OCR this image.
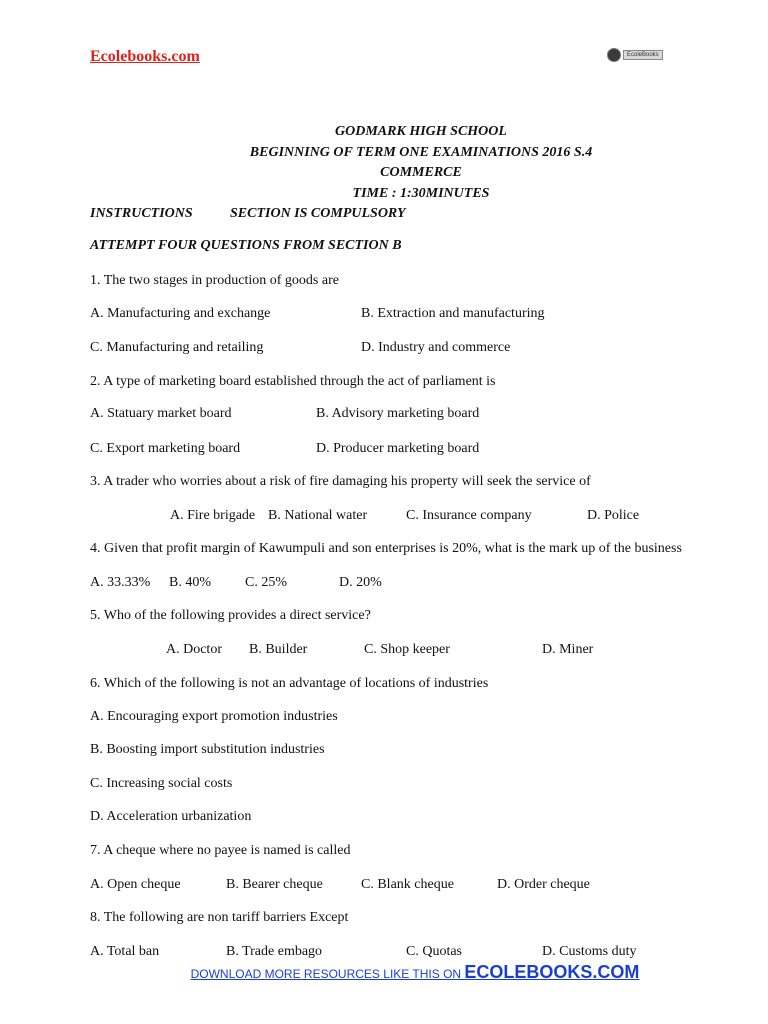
Ecolebooks.com	EcoleBooks
GODMARK HIGH SCHOOL
BEGINNING OF TERM ONE EXAMINATIONS 2016 S.4
COMMERCE
TIME : 1:30MINUTES
INSTRUCTIONS	SECTION IS COMPULSORY
ATTEMPT FOUR QUESTIONS FROM SECTION B
1. The two stages in production of goods are
A. Manufacturing and exchange	B. Extraction and manufacturing
C. Manufacturing and retailing	D. Industry and commerce
2. A type of marketing board established through the act of parliament is
A. Statuary market board	B. Advisory marketing board
C. Export marketing board	D. Producer marketing board
3. A trader who worries about a risk of fire damaging his property will seek the service of
A. Fire brigade B. National water	C. Insurance company	D. Police
4. Given that profit margin of Kawumpuli and son enterprises is 20%, what is the mark up of the business
A. 33.33% B. 40% C. 25%	D. 20%
5. Who of the following provides a direct service?
A. Doctor B. Builder	C. Shop keeper	D. Miner
6. Which of the following is not an advantage of locations of industries
A. Encouraging export promotion industries
B. Boosting import substitution industries
C. Increasing social costs
D. Acceleration urbanization
7. A cheque where no payee is named is called
A. Open cheque	B. Bearer cheque	C. Blank cheque	D. Order cheque
8. The following are non tariff barriers Except
A. Total ban	B. Trade embago	C. Quotas	D. Customs duty
DOWNLOAD MORE RESOURCES LIKE THIS ON ECOLEBOOKS.COM
